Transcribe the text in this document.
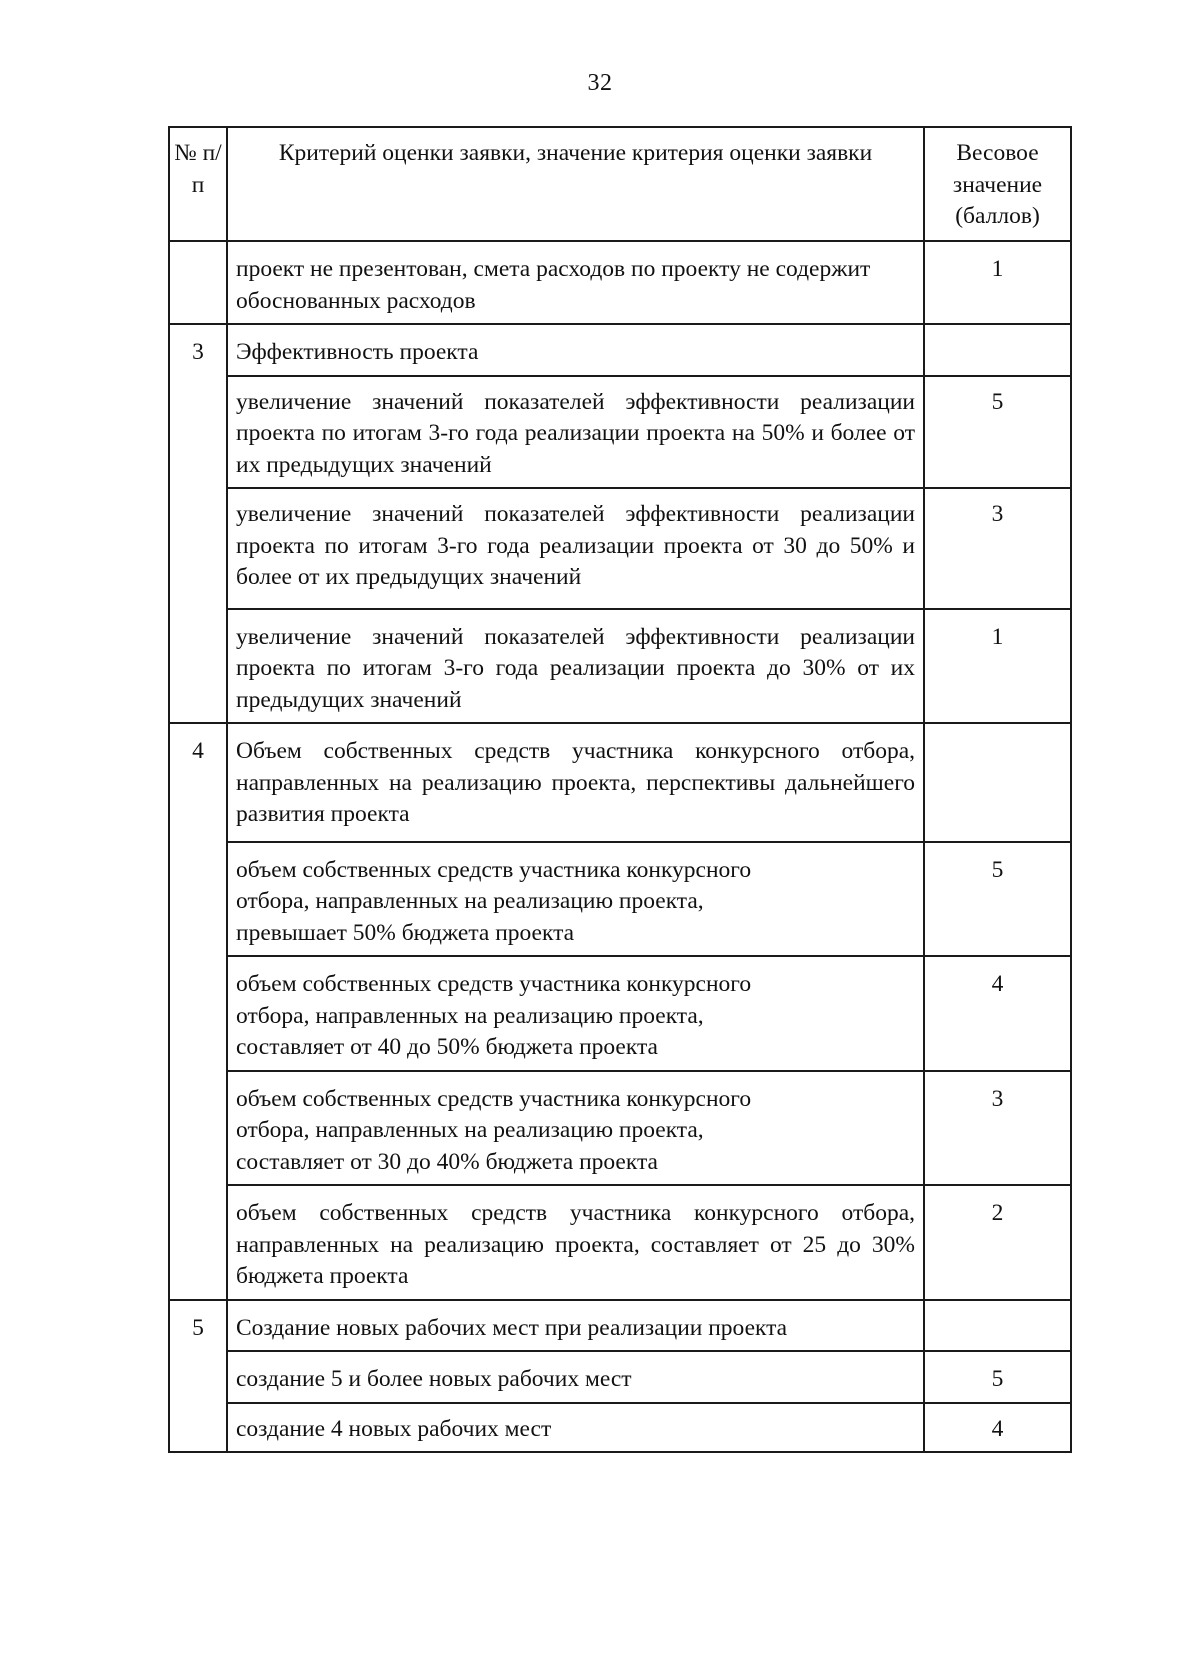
32
№ п/п	Критерий оценки заявки, значение критерия оценки заявки	Весовое значение (баллов)
	проект не презентован, смета расходов по проекту не содержит обоснованных расходов	1
3	Эффективность проекта	
	увеличение значений показателей эффективности реализации проекта по итогам 3-го года реализации проекта на 50% и более от их предыдущих значений	5
	увеличение значений показателей эффективности реализации проекта по итогам 3-го года реализации проекта от 30 до 50% и более от их предыдущих значений	3
	увеличение значений показателей эффективности реализации проекта по итогам 3-го года реализации проекта до 30% от их предыдущих значений	1
4	Объем собственных средств участника конкурсного отбора, направленных на реализацию проекта, перспективы дальнейшего развития проекта	
	объем собственных средств участника конкурсного отбора, направленных на реализацию проекта, превышает 50% бюджета проекта	5
	объем собственных средств участника конкурсного отбора, направленных на реализацию проекта, составляет от 40 до 50% бюджета проекта	4
	объем собственных средств участника конкурсного отбора, направленных на реализацию проекта, составляет от 30 до 40% бюджета проекта	3
	объем собственных средств участника конкурсного отбора, направленных на реализацию проекта, составляет от 25 до 30% бюджета проекта	2
5	Создание новых рабочих мест при реализации проекта	
	создание 5 и более новых рабочих мест	5
	создание 4 новых рабочих мест	4
